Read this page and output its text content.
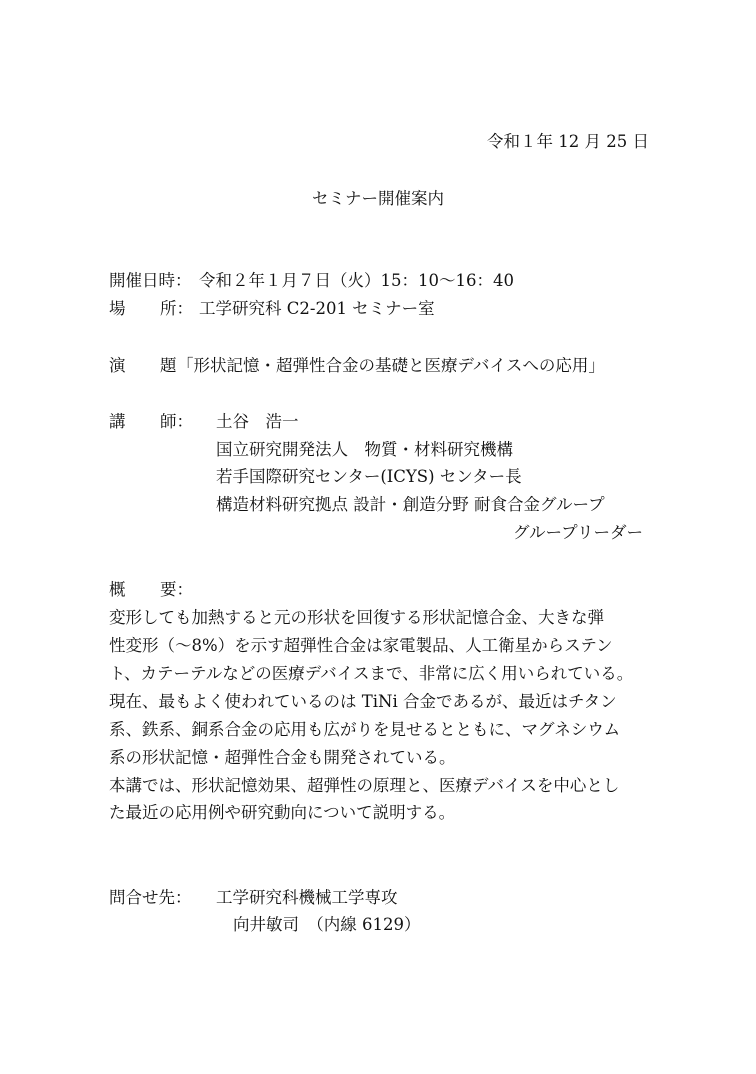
令和１年 12 月 25 日
セミナー開催案内
開催日時： 令和２年１月７日（火）15：10～16：40
場 所： 工学研究科 C2-201 セミナー室
演 題 「形状記憶・超弾性合金の基礎と医療デバイスへの応用」
講 師： 土谷　浩一
国立研究開発法人　物質・材料研究機構
若手国際研究センター(ICYS) センター長
構造材料研究拠点 設計・創造分野 耐食合金グループ
グループリーダー
概 要：
変形しても加熱すると元の形状を回復する形状記憶合金、大きな弾
性変形（～8%）を示す超弾性合金は家電製品、人工衛星からステン
ト、カテーテルなどの医療デバイスまで、非常に広く用いられている。
現在、最もよく使われているのは TiNi 合金であるが、最近はチタン
系、鉄系、銅系合金の応用も広がりを見せるとともに、マグネシウム
系の形状記憶・超弾性合金も開発されている。
本講では、形状記憶効果、超弾性の原理と、医療デバイスを中心とし
た最近の応用例や研究動向について説明する。
問合せ先： 工学研究科機械工学専攻
向井敏司　（内線 6129）
